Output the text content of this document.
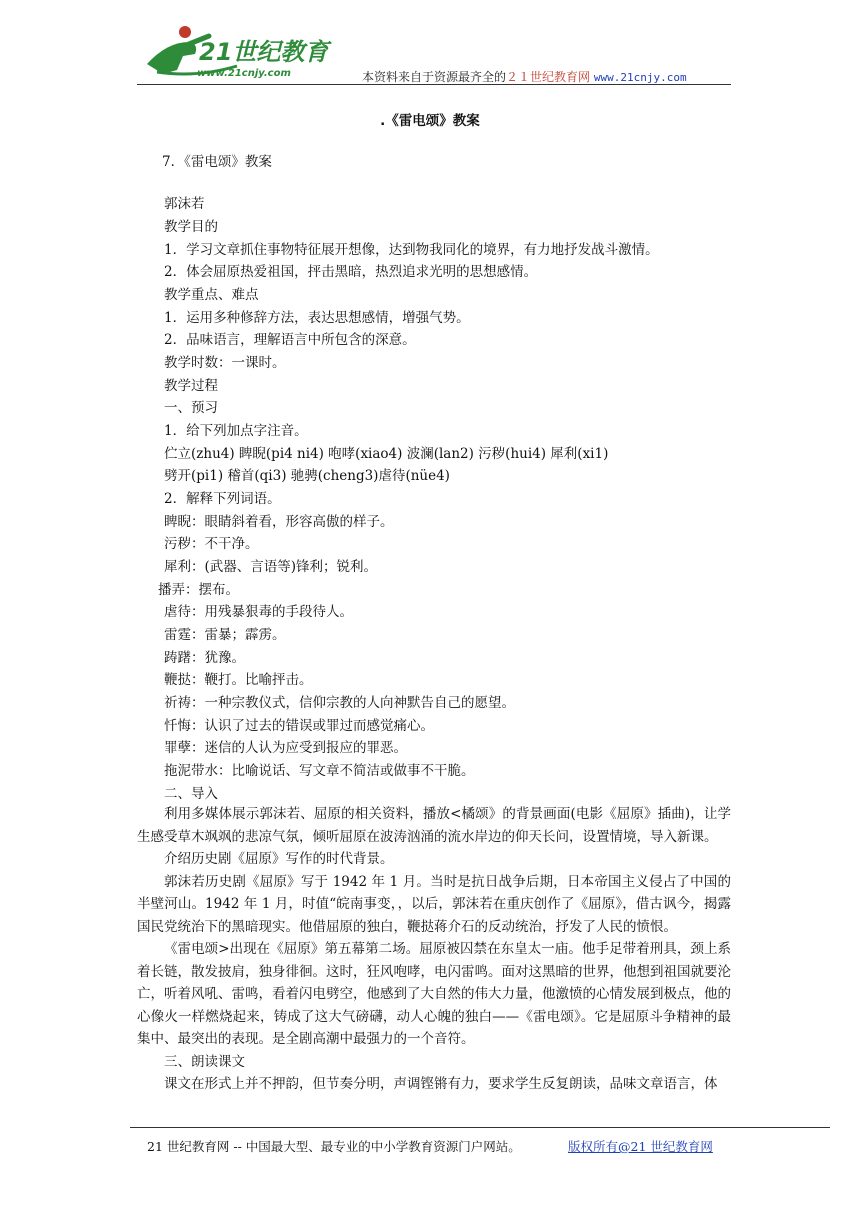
21世纪教育
www.21cnjy.com	本资料来自于资源最齐全的２１世纪教育网 www.21cnjy.com
.《雷电颂》教案
7．《雷电颂》教案
郭沫若
教学目的
1．学习文章抓住事物特征展开想像，达到物我同化的境界，有力地抒发战斗激情。
2．体会屈原热爱祖国，抨击黑暗，热烈追求光明的思想感情。
教学重点、难点
1．运用多种修辞方法，表达思想感情，增强气势。
2．品味语言，理解语言中所包含的深意。
教学时数：一课时。
教学过程
一、预习
1．给下列加点字注音。
伫立(zhu4) 睥睨(pi4 ni4) 咆哮(xiao4) 波澜(lan2) 污秽(hui4) 犀利(xi1)
劈开(pi1) 稽首(qi3) 驰骋(cheng3)虐待(nüe4)
2．解释下列词语。
睥睨：眼睛斜着看，形容高傲的样子。
污秽：不干净。
犀利：(武器、言语等)锋利；锐利。
播弄：摆布。
虐待：用残暴狠毒的手段待人。
雷霆：雷暴；霹雳。
踌躇：犹豫。
鞭挞：鞭打。比喻抨击。
祈祷：一种宗教仪式，信仰宗教的人向神默告自己的愿望。
忏悔：认识了过去的错误或罪过而感觉痛心。
罪孽：迷信的人认为应受到报应的罪恶。
拖泥带水：比喻说话、写文章不简洁或做事不干脆。
二、导入

利用多媒体展示郭沫若、屈原的相关资料，播放<橘颂》的背景画面(电影《屈原》插曲)，让学生感受草木飒飒的悲凉气氛，倾听屈原在波涛汹涌的流水岸边的仰天长问，设置情境，导入新课。

介绍历史剧《屈原》写作的时代背景。

郭沫若历史剧《屈原》写于 1942 年 1 月。当时是抗日战争后期，日本帝国主义侵占了中国的半壁河山。1942 年 1 月，时值“皖南事变，，以后，郭沫若在重庆创作了《屈原》，借古讽今，揭露国民党统治下的黑暗现实。他借屈原的独白，鞭挞蒋介石的反动统治，抒发了人民的愤恨。

《雷电颂>出现在《屈原》第五幕第二场。屈原被囚禁在东皇太一庙。他手足带着刑具，颈上系着长链，散发披肩，独身徘徊。这时，狂风咆哮，电闪雷鸣。面对这黑暗的世界，他想到祖国就要沦亡，听着风吼、雷鸣，看着闪电劈空，他感到了大自然的伟大力量，他激愤的心情发展到极点，他的心像火一样燃烧起来，铸成了这大气磅礴，动人心魄的独白——《雷电颂》。它是屈原斗争精神的最集中、最突出的表现。是全剧高潮中最强力的一个音符。

三、朗读课文

课文在形式上并不押韵，但节奏分明，声调铿锵有力，要求学生反复朗读，品味文章语言，体

21 世纪教育网 -- 中国最大型、最专业的中小学教育资源门户网站。	版权所有@21 世纪教育网
